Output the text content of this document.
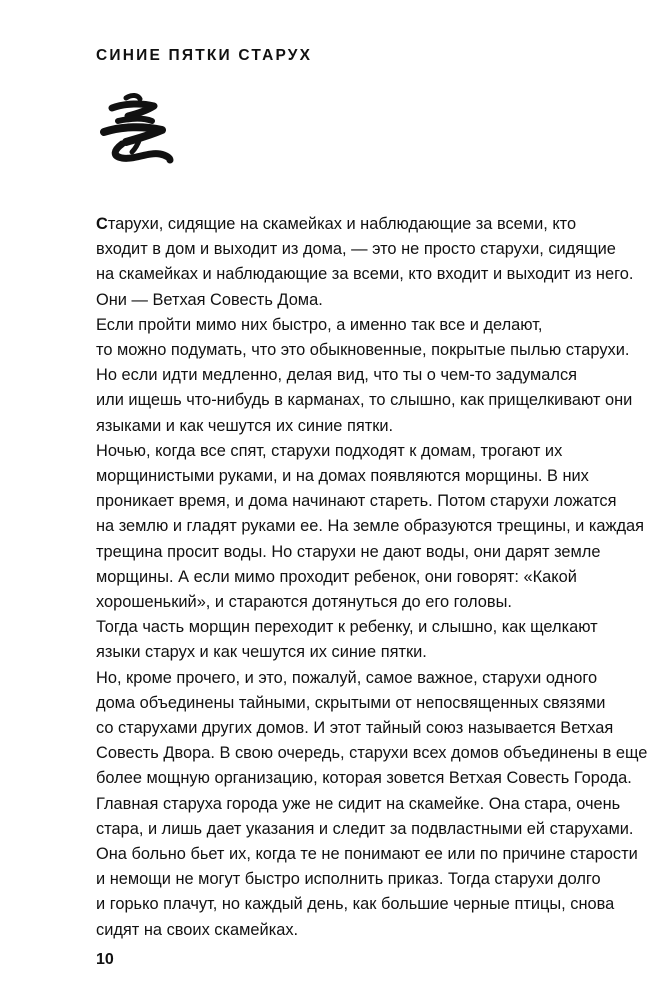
СИНИЕ ПЯТКИ СТАРУХ

Старухи, сидящие на скамейках и наблюдающие за всеми, кто
входит в дом и выходит из дома, — это не просто старухи, сидящие
на скамейках и наблюдающие за всеми, кто входит и выходит из него.
Они — Ветхая Совесть Дома.

Если пройти мимо них быстро, а именно так все и делают,
то можно подумать, что это обыкновенные, покрытые пылью старухи.

Но если идти медленно, делая вид, что ты о чем-то задумался
или ищешь что-нибудь в карманах, то слышно, как прищелкивают они
языками и как чешутся их синие пятки.

Ночью, когда все спят, старухи подходят к домам, трогают их
морщинистыми руками, и на домах появляются морщины. В них
проникает время, и дома начинают стареть. Потом старухи ложатся
на землю и гладят руками ее. На земле образуются трещины, и каждая
трещина просит воды. Но старухи не дают воды, они дарят земле
морщины. А если мимо проходит ребенок, они говорят: «Какой
хорошенький», и стараются дотянуться до его головы.

Тогда часть морщин переходит к ребенку, и слышно, как щелкают
языки старух и как чешутся их синие пятки.

Но, кроме прочего, и это, пожалуй, самое важное, старухи одного
дома объединены тайными, скрытыми от непосвященных связями
со старухами других домов. И этот тайный союз называется Ветхая
Совесть Двора. В свою очередь, старухи всех домов объединены в еще
более мощную организацию, которая зовется Ветхая Совесть Города.
Главная старуха города уже не сидит на скамейке. Она стара, очень
стара, и лишь дает указания и следит за подвластными ей старухами.
Она больно бьет их, когда те не понимают ее или по причине старости
и немощи не могут быстро исполнить приказ. Тогда старухи долго
и горько плачут, но каждый день, как большие черные птицы, снова
сидят на своих скамейках.

10
